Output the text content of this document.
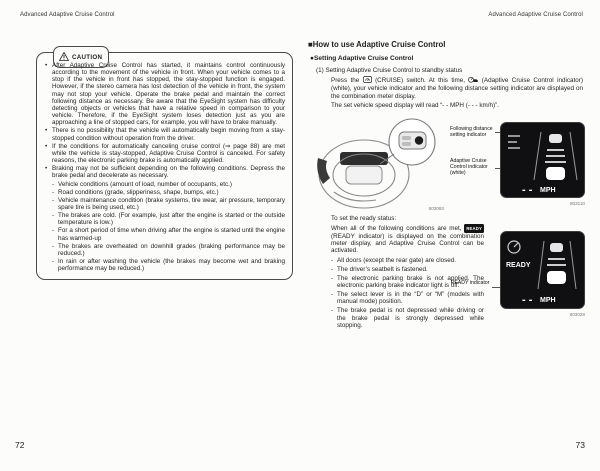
Advanced Adaptive Cruise Control	Advanced Adaptive Cruise Control
CAUTION
• After Adaptive Cruise Control has started, it maintains control continuously according to the movement of the vehicle in front. When your vehicle comes to a stop if the vehicle in front has stopped, the stay-stopped function is engaged. However, if the stereo camera has lost detection of the vehicle in front, the system may not stop your vehicle. Operate the brake pedal and maintain the correct following distance as necessary. Be aware that the EyeSight system has difficulty detecting objects or vehicles that have a relative speed in comparison to your vehicle. Therefore, if the EyeSight system loses detection just as you are approaching a line of stopped cars, for example, you will have to brake manually.
• There is no possibility that the vehicle will automatically begin moving from a stay-stopped condition without operation from the driver.
• If the conditions for automatically canceling cruise control (⇒ page 88) are met while the vehicle is stay-stopped, Adaptive Cruise Control is canceled. For safety reasons, the electronic parking brake is automatically applied.
• Braking may not be sufficient depending on the following conditions. Depress the brake pedal and decelerate as necessary.
- Vehicle conditions (amount of load, number of occupants, etc.)
- Road conditions (grade, slipperiness, shape, bumps, etc.)
- Vehicle maintenance condition (brake systems, tire wear, air pressure, temporary spare tire is being used, etc.)
- The brakes are cold. (For example, just after the engine is started or the outside temperature is low.)
- For a short period of time when driving after the engine is started until the engine has warmed-up
- The brakes are overheated on downhill grades (braking performance may be reduced.)
- In rain or after washing the vehicle (the brakes may become wet and braking performance may be reduced.)
72
■How to use Adaptive Cruise Control
●Setting Adaptive Cruise Control
(1) Setting Adaptive Cruise Control to standby status
Press the  (CRUISE) switch. At this time,  (Adaptive Cruise Control indicator) (white), your vehicle indicator and the following distance setting indicator are displayed on the combination meter display.
The set vehicle speed display will read “- - MPH (- - - km/h)”.
803093
Following distance setting indicator
Adaptive Cruise Control indicator (white)
- - MPH
803110
To set the ready status:
When all of the following conditions are met, READY (READY indicator) is displayed on the combination meter display, and Adaptive Cruise Control can be activated.
- All doors (except the rear gate) are closed.
- The driver’s seatbelt is fastened.
- The electronic parking brake is not applied. The electronic parking brake indicator light is off.
- The select lever is in the “D” or “M” (models with manual mode) position.
- The brake pedal is not depressed while driving or the brake pedal is strongly depressed while stopping.
READY indicator
READY
- - MPH
803028
73
